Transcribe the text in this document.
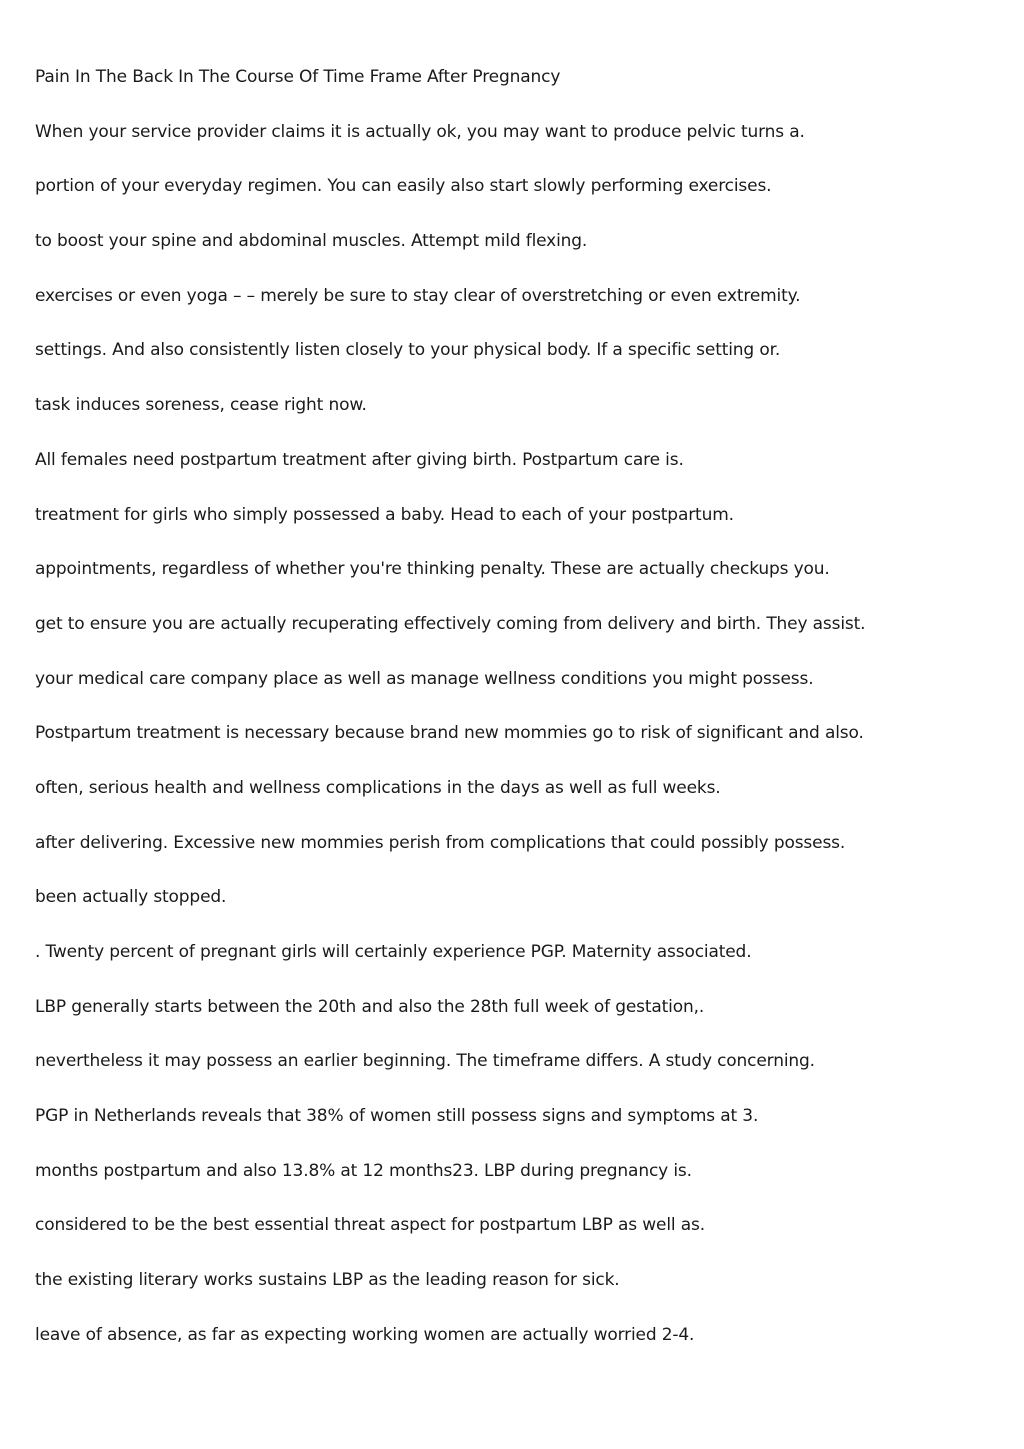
Pain In The Back In The Course Of Time Frame After Pregnancy

When your service provider claims it is actually ok, you may want to produce pelvic turns a.

portion of your everyday regimen. You can easily also start slowly performing exercises.

to boost your spine and abdominal muscles. Attempt mild flexing.

exercises or even yoga – – merely be sure to stay clear of overstretching or even extremity.

settings. And also consistently listen closely to your physical body. If a specific setting or.

task induces soreness, cease right now.

All females need postpartum treatment after giving birth. Postpartum care is.

treatment for girls who simply possessed a baby. Head to each of your postpartum.

appointments, regardless of whether you're thinking penalty. These are actually checkups you.

get to ensure you are actually recuperating effectively coming from delivery and birth. They assist.

your medical care company place as well as manage wellness conditions you might possess.

Postpartum treatment is necessary because brand new mommies go to risk of significant and also.

often, serious health and wellness complications in the days as well as full weeks.

after delivering. Excessive new mommies perish from complications that could possibly possess.

been actually stopped.

. Twenty percent of pregnant girls will certainly experience PGP. Maternity associated.

LBP generally starts between the 20th and also the 28th full week of gestation,.

nevertheless it may possess an earlier beginning. The timeframe differs. A study concerning.

PGP in Netherlands reveals that 38% of women still possess signs and symptoms at 3.

months postpartum and also 13.8% at 12 months23. LBP during pregnancy is.

considered to be the best essential threat aspect for postpartum LBP as well as.

the existing literary works sustains LBP as the leading reason for sick.

leave of absence, as far as expecting working women are actually worried 2-4.
